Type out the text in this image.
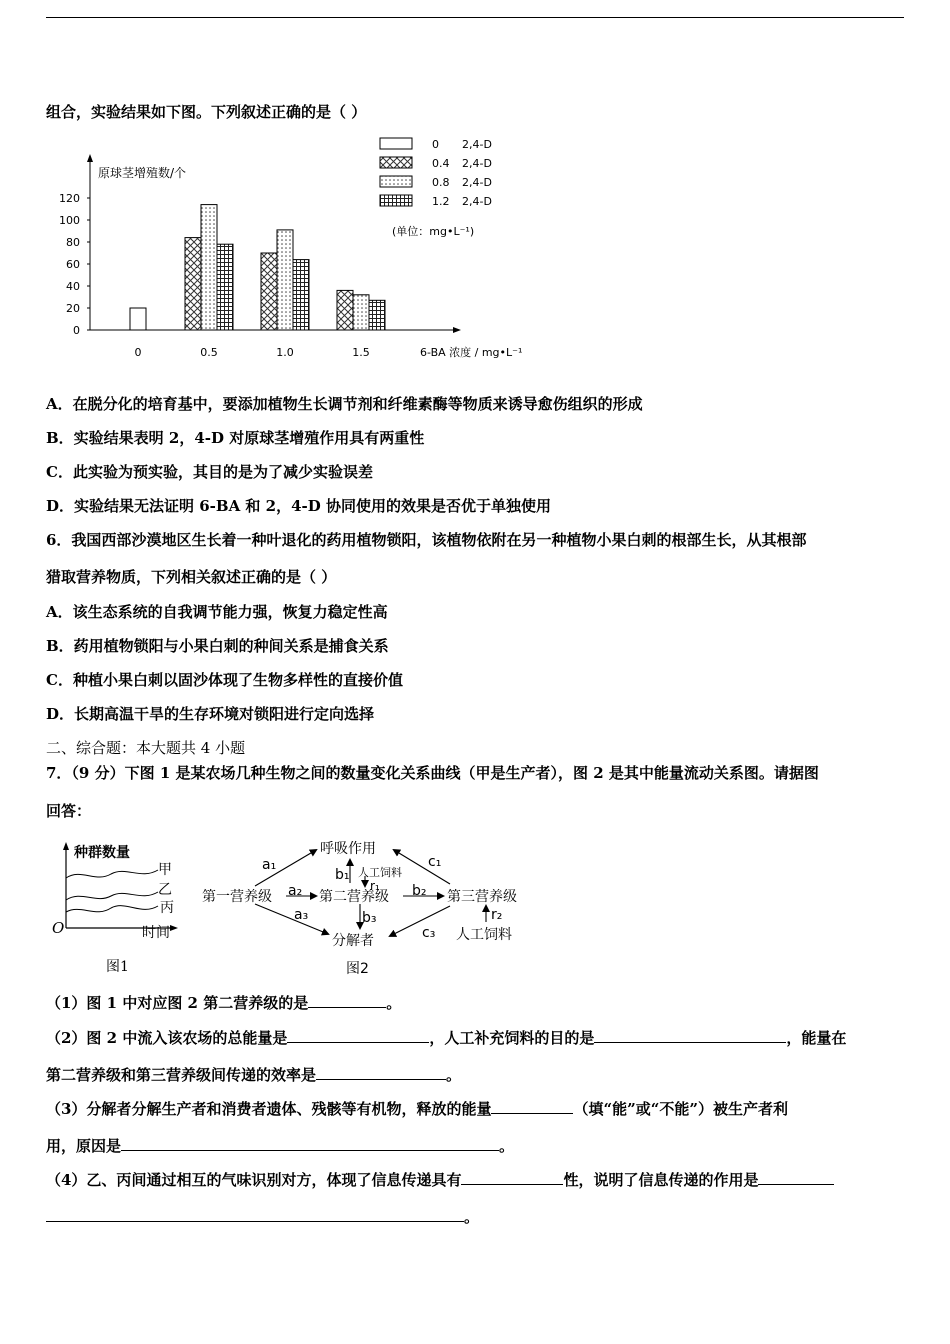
组合，实验结果如下图。下列叙述正确的是（ ）
原球茎增殖数/个
6-BA 浓度 / mg•L⁻¹
0
20
40
60
80
100
120
0	0.5	1.0	1.5
0 2,4-D
0.4 2,4-D
0.8 2,4-D
1.2 2,4-D
(单位：mg•L⁻¹)
A．在脱分化的培育基中，要添加植物生长调节剂和纤维素酶等物质来诱导愈伤组织的形成
B．实验结果表明 2，4-D 对原球茎增殖作用具有两重性
C．此实验为预实验，其目的是为了减少实验误差
D．实验结果无法证明 6-BA 和 2，4-D 协同使用的效果是否优于单独使用
6．我国西部沙漠地区生长着一种叶退化的药用植物锁阳，该植物依附在另一种植物小果白刺的根部生长，从其根部
猎取营养物质，下列相关叙述正确的是（ ）
A．该生态系统的自我调节能力强，恢复力稳定性高
B．药用植物锁阳与小果白刺的种间关系是捕食关系
C．种植小果白刺以固沙体现了生物多样性的直接价值
D．长期高温干旱的生存环境对锁阳进行定向选择
二、综合题：本大题共 4 小题
7．（9 分）下图 1 是某农场几种生物之间的数量变化关系曲线（甲是生产者），图 2 是其中能量流动关系图。请据图
回答：
种群数量
时间
O
甲
乙
丙
图1
呼吸作用
第一营养级	第二营养级	第三营养级
分解者
人工饲料
人工饲料
a₁
a₂
a₃
b₁
r₁ b₂
b₃
c₁
c₃
r₂
图2
（1）图 1 中对应图 2 第二营养级的是	。
（2）图 2 中流入该农场的总能量是	，人工补充饲料的目的是	，能量在
第二营养级和第三营养级间传递的效率是	。
（3）分解者分解生产者和消费者遗体、残骸等有机物，释放的能量	（填“能”或“不能”）被生产者利
用，原因是	。
（4）乙、丙间通过相互的气味识别对方，体现了信息传递具有	性，说明了信息传递的作用是
。
